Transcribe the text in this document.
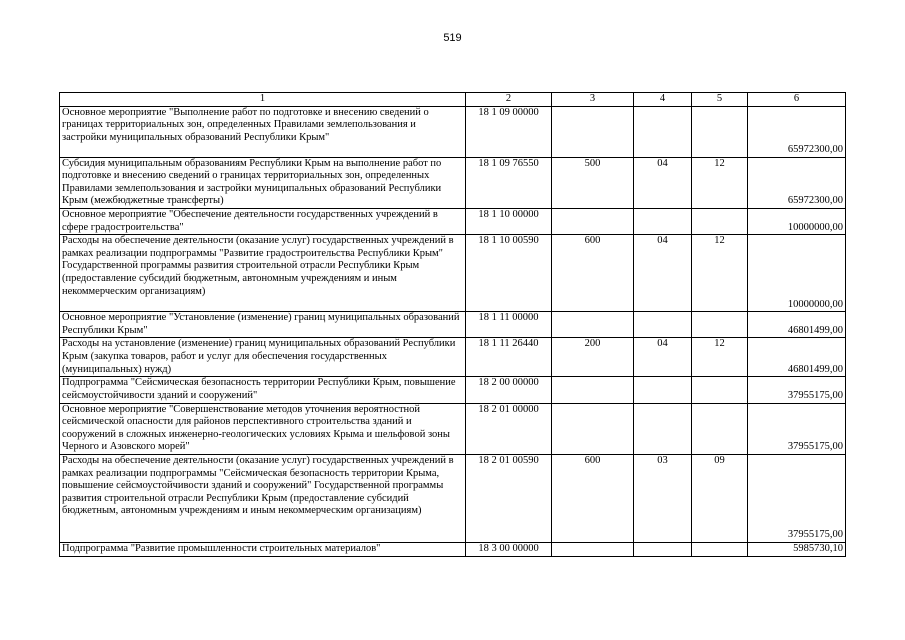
519
1	2	3	4	5	6
Основное мероприятие "Выполнение работ по подготовке и внесению сведений о границах территориальных зон, определенных Правилами землепользования и застройки муниципальных образований Республики Крым"	18 1 09 00000				65972300,00
Субсидия муниципальным образованиям Республики Крым на выполнение работ по подготовке и внесению сведений о границах территориальных зон, определенных Правилами землепользования и застройки муниципальных образований Республики Крым (межбюджетные трансферты)	18 1 09 76550	500	04	12	65972300,00
Основное мероприятие "Обеспечение деятельности государственных учреждений в сфере градостроительства"	18 1 10 00000				10000000,00
Расходы на обеспечение деятельности (оказание услуг) государственных учреждений в рамках реализации подпрограммы "Развитие градостроительства Республики Крым" Государственной программы развития строительной отрасли Республики Крым (предоставление субсидий бюджетным, автономным учреждениям и иным некоммерческим организациям)	18 1 10 00590	600	04	12	10000000,00
Основное мероприятие "Установление (изменение) границ муниципальных образований Республики Крым"	18 1 11 00000				46801499,00
Расходы на установление (изменение) границ муниципальных образований Республики Крым (закупка товаров, работ и услуг для обеспечения государственных (муниципальных) нужд)	18 1 11 26440	200	04	12	46801499,00
Подпрограмма "Сейсмическая безопасность территории Республики Крым, повышение сейсмоустойчивости зданий и сооружений"	18 2 00 00000				37955175,00
Основное мероприятие "Совершенствование методов уточнения вероятностной сейсмической опасности для районов перспективного строительства зданий и сооружений в сложных инженерно-геологических условиях Крыма и шельфовой зоны Черного и Азовского морей"	18 2 01 00000				37955175,00
Расходы на обеспечение деятельности (оказание услуг) государственных учреждений в рамках реализации подпрограммы "Сейсмическая безопасность территории Крыма, повышение сейсмоустойчивости зданий и сооружений" Государственной программы развития строительной отрасли Республики Крым (предоставление субсидий бюджетным, автономным учреждениям и иным некоммерческим организациям)	18 2 01 00590	600	03	09	37955175,00
Подпрограмма "Развитие промышленности строительных материалов"	18 3 00 00000				5985730,10
